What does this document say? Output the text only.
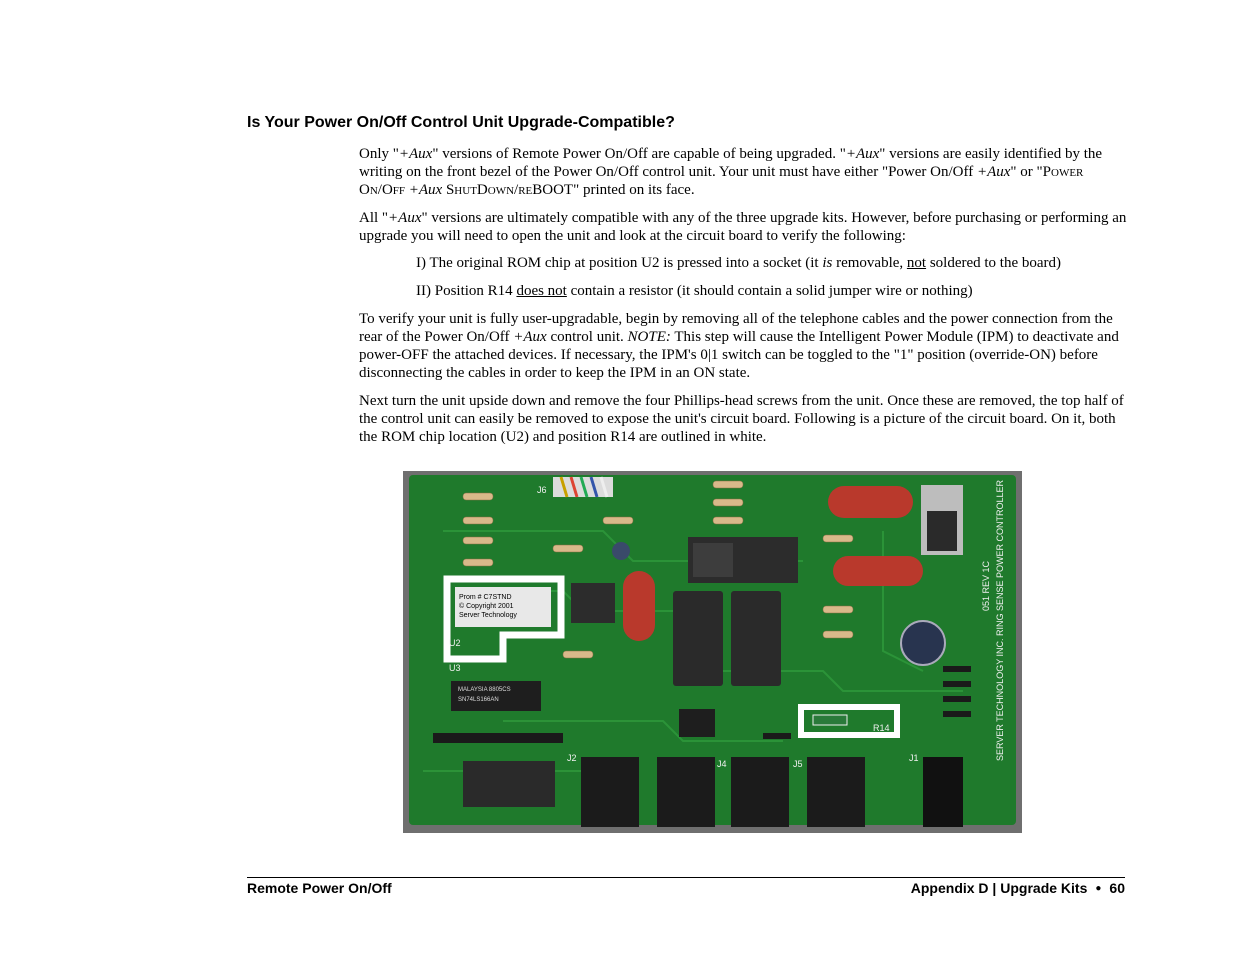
Is Your Power On/Off Control Unit Upgrade-Compatible?

Only "+Aux" versions of Remote Power On/Off are capable of being upgraded. "+Aux" versions are easily identified by the writing on the front bezel of the Power On/Off control unit. Your unit must have either "Power On/Off +Aux" or "Power On/Off +Aux ShutDown/reBOOT" printed on its face.

All "+Aux" versions are ultimately compatible with any of the three upgrade kits. However, before purchasing or performing an upgrade you will need to open the unit and look at the circuit board to verify the following:

I) The original ROM chip at position U2 is pressed into a socket (it is removable, not soldered to the board)

II) Position R14 does not contain a resistor (it should contain a solid jumper wire or nothing)

To verify your unit is fully user-upgradable, begin by removing all of the telephone cables and the power connection from the rear of the Power On/Off +Aux control unit. NOTE: This step will cause the Intelligent Power Module (IPM) to deactivate and power-OFF the attached devices. If necessary, the IPM's 0|1 switch can be toggled to the "1" position (override-ON) before disconnecting the cables in order to keep the IPM in an ON state.

Next turn the unit upside down and remove the four Phillips-head screws from the unit. Once these are removed, the top half of the control unit can easily be removed to expose the unit's circuit board. Following is a picture of the circuit board. On it, both the ROM chip location (U2) and position R14 are outlined in white.

Prom # C7STND
© Copyright 2001
Server Technology
MALAYSIA 8805CS
SN74LS166AN
U2
U3
R14
J1
J2
J4	J5
J6	SERVER TECHNOLOGY INC. RING SENSE POWER CONTROLLER
051 REV 1C
Remote Power On/Off	Appendix D | Upgrade Kits ● 60
